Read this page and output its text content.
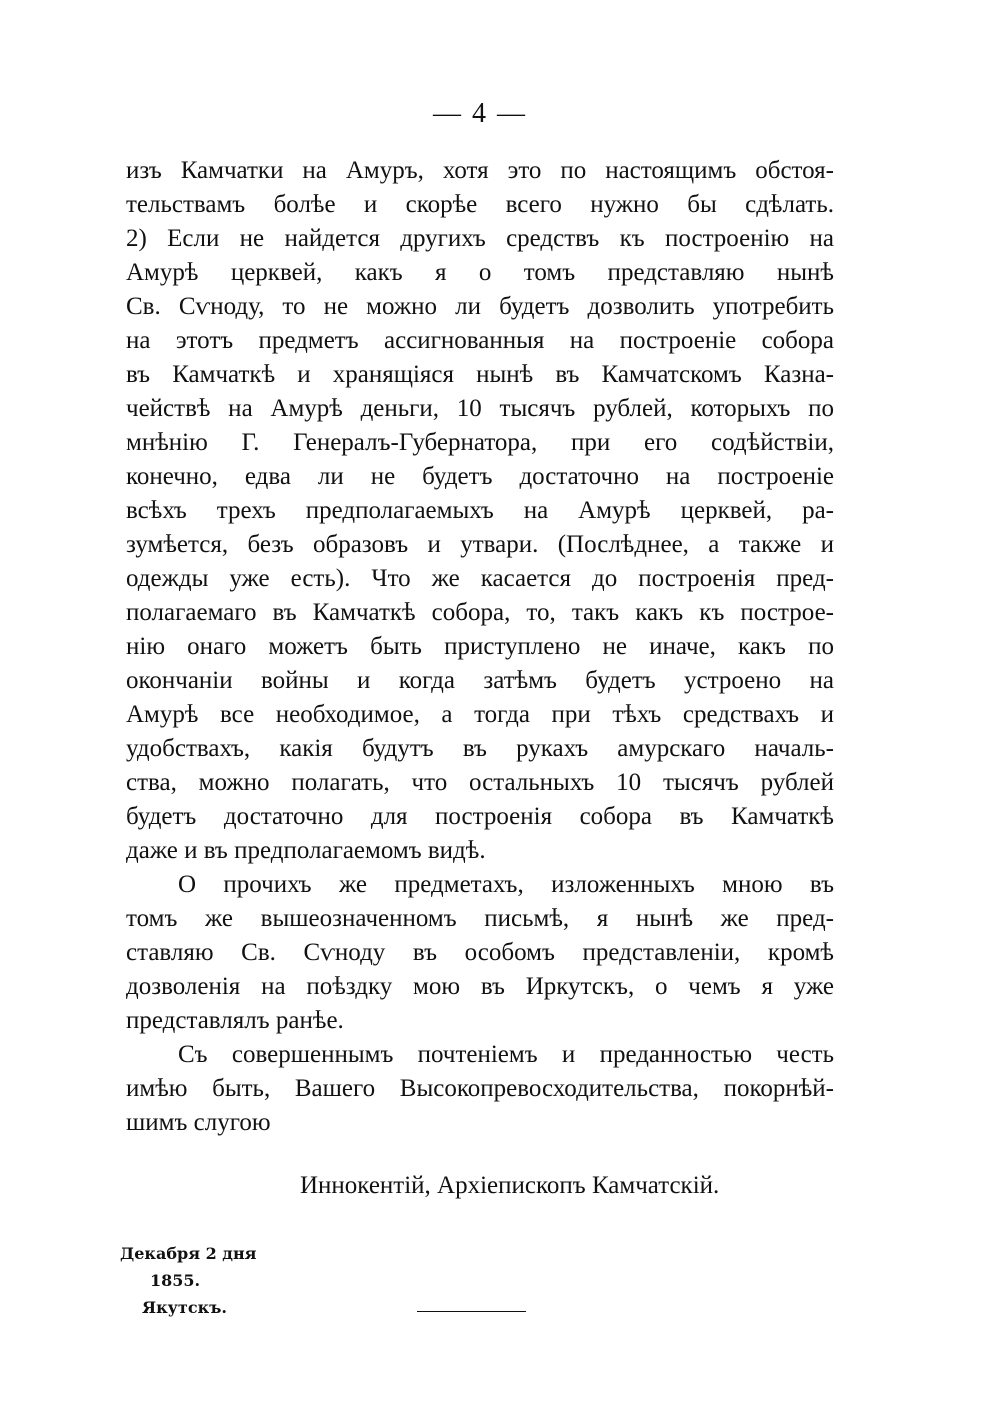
— 4 —
изъ Камчатки на Амуръ, хотя это по настоящимъ обстоя-
тельствамъ болѣе и скорѣе всего нужно бы сдѣлать.
2) Если не найдется другихъ средствъ къ построенію на
Амурѣ церквей, какъ я о томъ представляю нынѣ
Св. Сѵноду, то не можно ли будетъ дозволить употребить
на этотъ предметъ ассигнованныя на построеніе собора
въ Камчаткѣ и хранящіяся нынѣ въ Камчатскомъ Казна-
чействѣ на Амурѣ деньги, 10 тысячъ рублей, которыхъ по
мнѣнію Г. Генералъ-Губернатора, при его содѣйствіи,
конечно, едва ли не будетъ достаточно на построеніе
всѣхъ трехъ предполагаемыхъ на Амурѣ церквей, ра-
зумѣется, безъ образовъ и утвари. (Послѣднее, а также и
одежды уже есть). Что же касается до построенія пред-
полагаемаго въ Камчаткѣ собора, то, такъ какъ къ построе-
нію онаго можетъ быть приступлено не иначе, какъ по
окончаніи войны и когда затѣмъ будетъ устроено на
Амурѣ все необходимое, а тогда при тѣхъ средствахъ и
удобствахъ, какія будутъ въ рукахъ амурскаго началь-
ства, можно полагать, что остальныхъ 10 тысячъ рублей
будетъ достаточно для построенія собора въ Камчаткѣ
даже и въ предполагаемомъ видѣ.
О прочихъ же предметахъ, изложенныхъ мною въ
томъ же вышеозначенномъ письмѣ, я нынѣ же пред-
ставляю Св. Сѵноду въ особомъ представленіи, кромѣ
дозволенія на поѣздку мою въ Иркутскъ, о чемъ я уже
представлялъ ранѣе.
Съ совершеннымъ почтеніемъ и преданностью честь
имѣю быть, Вашего Высокопревосходительства, покорнѣй-
шимъ слугою
Иннокентій, Архіепископъ Камчатскій.
Декабря 2 дня
1855.
Якутскъ.
